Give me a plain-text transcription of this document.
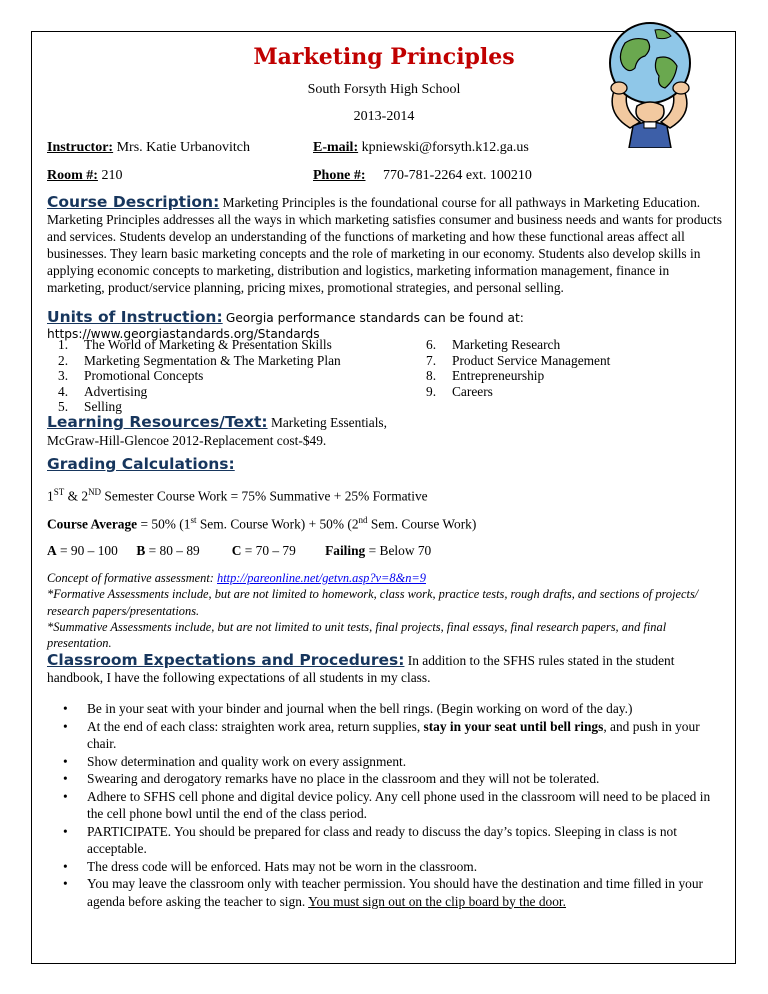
Marketing Principles
South Forsyth High School
2013-2014
Instructor: Mrs. Katie Urbanovitch	E-mail: kpniewski@forsyth.k12.ga.us
Room #: 210	Phone #: 770-781-2264 ext. 100210
Course Description: Marketing Principles is the foundational course for all pathways in Marketing Education.
Marketing Principles addresses all the ways in which marketing satisfies consumer and business needs and wants for products and services. Students develop an understanding of the functions of marketing and how these functional areas affect all businesses. They learn basic marketing concepts and the role of marketing in our economy. Students also develop skills in applying economic concepts to marketing, distribution and logistics, marketing information management, finance in marketing, product/service planning, pricing mixes, promotional strategies, and personal selling.
Units of Instruction: Georgia performance standards can be found at: https://www.georgiastandards.org/Standards
1.	The World of Marketing & Presentation Skills
2.	Marketing Segmentation & The Marketing Plan
3.	Promotional Concepts
4.	Advertising
5.	Selling
6.	Marketing Research
7.	Product Service Management
8.	Entrepreneurship
9.	Careers
Learning Resources/Text: Marketing Essentials,
McGraw-Hill-Glencoe 2012-Replacement cost-$49.
Grading Calculations:
1ST & 2ND Semester Course Work = 75% Summative + 25% Formative
Course Average = 50% (1st Sem. Course Work) + 50% (2nd Sem. Course Work)
A = 90 – 100 B = 80 – 89 C = 70 – 79 Failing = Below 70
Concept of formative assessment: http://pareonline.net/getvn.asp?v=8&n=9
*Formative Assessments include, but are not limited to homework, class work, practice tests, rough drafts, and sections of projects/ research papers/presentations.
*Summative Assessments include, but are not limited to unit tests, final projects, final essays, final research papers, and final presentation.
Classroom Expectations and Procedures: In addition to the SFHS rules stated in the student handbook, I have the following expectations of all students in my class.
• Be in your seat with your binder and journal when the bell rings. (Begin working on word of the day.)
• At the end of each class: straighten work area, return supplies, stay in your seat until bell rings, and push in your chair.
• Show determination and quality work on every assignment.
• Swearing and derogatory remarks have no place in the classroom and they will not be tolerated.
• Adhere to SFHS cell phone and digital device policy. Any cell phone used in the classroom will need to be placed in the cell phone bowl until the end of the class period.
• PARTICIPATE. You should be prepared for class and ready to discuss the day’s topics. Sleeping in class is not acceptable.
• The dress code will be enforced. Hats may not be worn in the classroom.
• You may leave the classroom only with teacher permission. You should have the destination and time filled in your agenda before asking the teacher to sign. You must sign out on the clip board by the door.
